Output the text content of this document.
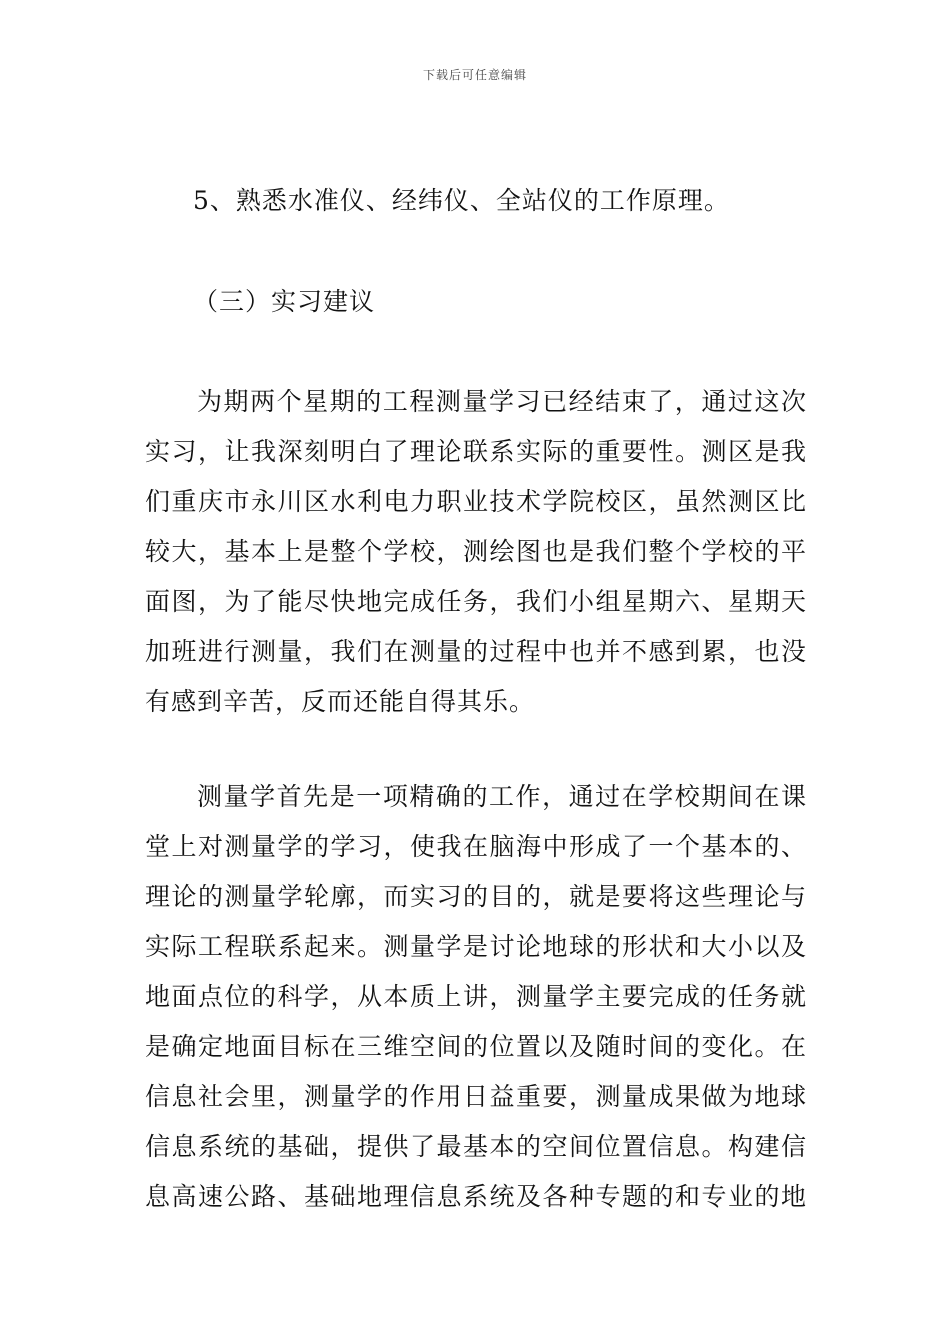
下载后可任意编辑
5、熟悉水准仪、经纬仪、全站仪的工作原理。
（三）实习建议
为期两个星期的工程测量学习已经结束了，通过这次
实习，让我深刻明白了理论联系实际的重要性。测区是我
们重庆市永川区水利电力职业技术学院校区，虽然测区比
较大，基本上是整个学校，测绘图也是我们整个学校的平
面图，为了能尽快地完成任务，我们小组星期六、星期天
加班进行测量，我们在测量的过程中也并不感到累，也没
有感到辛苦，反而还能自得其乐。
测量学首先是一项精确的工作，通过在学校期间在课
堂上对测量学的学习，使我在脑海中形成了一个基本的、
理论的测量学轮廓，而实习的目的，就是要将这些理论与
实际工程联系起来。测量学是讨论地球的形状和大小以及
地面点位的科学，从本质上讲，测量学主要完成的任务就
是确定地面目标在三维空间的位置以及随时间的变化。在
信息社会里，测量学的作用日益重要，测量成果做为地球
信息系统的基础，提供了最基本的空间位置信息。构建信
息高速公路、基础地理信息系统及各种专题的和专业的地
